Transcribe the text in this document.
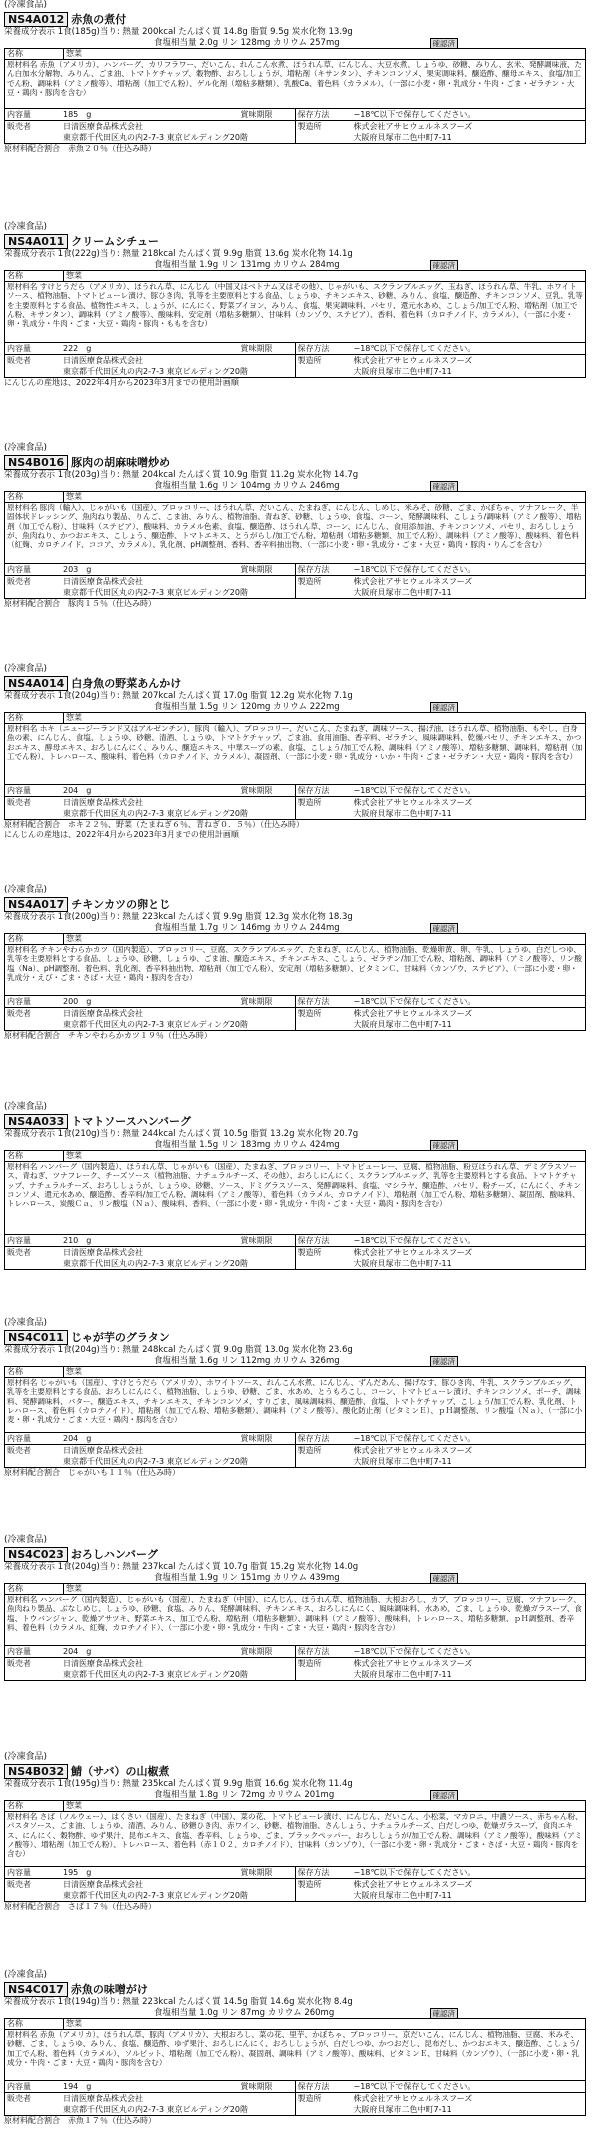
(冷凍食品)
NS4A012 赤魚の煮付
栄養成分表示 1食(185g)当り: 熱量 200kcal たんぱく質 14.8g 脂質 9.5g 炭水化物 13.9g
食塩相当量 2.0g リン 128mg カリウム 257mg	確認済
名称	惣菜
原材料名 赤魚（アメリカ）、ハンバーグ、カリフラワー、だいこん、れんこん水煮、ほうれん草、にんじん、大豆水煮、しょうゆ、砂糖、みりん、玄米、発酵調味液、たん白加水分解物、みりん、ごま油、トマトケチャップ、穀物酢、おろししょうが、増粘剤（キサンタン）、チキンコンソメ、果実调味料、醸造酢、醸母エキス、食塩/加工でん粉、調味料（アミノ酸等）、増粘剤（加工でん粉）、ゲル化剤（増粘多糖類）、乳酸Ca、着色料（カラメル）、（一部に小麦・卵・乳成分・牛肉・ごま・ゼラチン・大豆・鶏肉・豚肉を含む）
内容量	185　g	賞味期限	保存方法	−18℃以下で保存してください。
販売者	日清医療食品株式会社
東京都千代田区丸の内2-7-3 東京ビルディング20階
製造所	株式会社アサヒウェルネスフーズ
大阪府貝塚市二色中町7-11
原材料配合割合　赤魚２０％（仕込み時）
(冷凍食品)
NS4A011 クリームシチュー
栄養成分表示 1食(222g)当り: 熱量 218kcal たんぱく質 9.9g 脂質 13.6g 炭水化物 14.1g
食塩相当量 1.9g リン 131mg カリウム 284mg	確認済
名称	惣菜
原材料名 すけとうだら（アメリカ）、ほうれん草、にんじん（中国又はベトナム又はその他）、じゃがいも、スクランブルエッグ、玉ねぎ、ほうれん草、牛乳、ホワイトソース、植物油脂、トマトピューレ漬け、豚ひき肉、乳等を主要原料とする食品、しょうゆ、チキンエキス、砂糖、みりん、食塩、醸造酢、チキンコンソメ、豆乳、乳等を主要原料とする食品、植物性エキス、しょうが、にんにく、野菜ブイヨン、みりん、食塩、果実調味料、パセリ、還元水あめ、こしょう/加工でん粉、増粘剤（加工でん粉、キサンタン）、調味料（アミノ酸等）、酸味料、安定剤（増粘多糖類）、甘味料（カンゾウ、ステビア）、香料、着色料（カロチノイド、カラメル）、（一部に小麦・卵・乳成分・牛肉・ごま・大豆・鶏肉・豚肉・ももを含む）
内容量	222　g	賞味期限	保存方法	−18℃以下で保存してください。
販売者	日清医療食品株式会社
東京都千代田区丸の内2-7-3 東京ビルディング20階
製造所	株式会社アサヒウェルネスフーズ
大阪府貝塚市二色中町7-11
にんじんの産地は、2022年4月から2023年3月までの使用計画順
(冷凍食品)
NS4B016 豚肉の胡麻味噌炒め
栄養成分表示 1食(203g)当り: 熱量 204kcal たんぱく質 10.9g 脂質 11.2g 炭水化物 14.7g
食塩相当量 1.6g リン 104mg カリウム 246mg	確認済
名称	惣菜
原材料名 豚肉（輸入）、じゃがいも（国産）、ブロッコリー、ほうれん草、だいこん、たまねぎ、にんじん、しめじ、米みそ、砂糖、ごま、かぼちゃ、ツナフレーク、半固体状ドレッシング、魚肉ねり製品、りんご、こま油、みりん、植物油脂、青ねぎ、砂糖、しょうゆ、食塩、コーン、発酵調味料、こしょう/調味料（アミノ酸等）、増粘剤（加工でん粉）、甘味料（ステビア）、酸味料、カラメル色素、食塩、醸造酢、ほうれん草、コーン、にんじん、食用添加油、チキンコンソメ、パセリ、おろししょうが、魚肉ねり、かつおエキス、こしょう、醸造酢、トマトエキス、とうがらし/加工でん粉、増粘剤（増粘多糖類、加工でん粉）、調味料（アミノ酸等）、酸味料、着色料（紅麹、カロチノイド、ココア、カラメル）、乳化剤、pH調整剤、香料、香辛料抽出物、（一部に小麦・卵・乳成分・ごま・大豆・鶏肉・豚肉・りんごを含む）
内容量	203　g	賞味期限	保存方法	−18℃以下で保存してください。
販売者	日清医療食品株式会社
東京都千代田区丸の内2-7-3 東京ビルディング20階
製造所	株式会社アサヒウェルネスフーズ
大阪府貝塚市二色中町7-11
原材料配合割合　豚肉１５％（仕込み時）
(冷凍食品)
NS4A014 白身魚の野菜あんかけ
栄養成分表示 1食(204g)当り: 熱量 207kcal たんぱく質 17.0g 脂質 12.2g 炭水化物 7.1g
食塩相当量 1.5g リン 120mg カリウム 222mg	確認済
名称	惣菜
原材料名 ホキ（ニュージーランド又はアルゼンチン）、豚肉（輸入）、ブロッコリー、だいこん、たまねぎ、調味ソース、揚げ油、ほうれん草、植物油脂、もやし、白身魚の素、にんじん、食塩、しょうゆ、砂糖、清酒、しょうゆ、トマトケチャップ、ごま油、食用油脂、香辛料、ゼラチン、風味調味料、乾燥パセリ、チキンエキス、かつおエキス、酵母エキス、おろしにんにく、みりん、醸造エキス、中華スープの素、食塩、こしょう/加工でん粉、調味料（アミノ酸等）、増粘多糖類、調味料、増粘剤（加工でん粉）、トレハロース、酸味料、着色料（カロチノイド、カラメル）、凝固剤、（一部に小麦・卵・乳成分・いか・牛肉・ごま・ゼラチン・大豆・鶏肉・豚肉を含む）
内容量	204　g	賞味期限	保存方法	−18℃以下で保存してください。
販売者	日清医療食品株式会社
東京都千代田区丸の内2-7-3 東京ビルディング20階
製造所	株式会社アサヒウェルネスフーズ
大阪府貝塚市二色中町7-11
原材料配合割合　ホキ２２％、野菜（たまねぎ６％、青ねぎ０．５％）（仕込み時）
にんじんの産地は、2022年4月から2023年3月までの使用計画順
(冷凍食品)
NS4A017 チキンカツの卵とじ
栄養成分表示 1食(200g)当り: 熱量 223kcal たんぱく質 9.9g 脂質 12.3g 炭水化物 18.3g
食塩相当量 1.7g リン 146mg カリウム 244mg	確認済
名称	惣菜
原材料名 チキンやわらかカツ（国内製造）、ブロッコリー、豆腐、スクランブルエッグ、たまねぎ、にんじん、植物油脂、乾燥卵黄、卵、牛乳、しょうゆ、白だしつゆ、乳等を主要原料とする食品、しょうゆ、砂糖、しょうゆ、ごま油、醸造エキス、チキンエキス、こしょう、ゼラチン/加工でん粉、増粘剤、調味料（アミノ酸等）、リン酸塩（Na）、pH調整剤、着色料、乳化剤、香辛料抽出物、増粘剤（加工でん粉）、安定剤（増粘多糖類）、ビタミンＣ、甘味料（カンゾウ、ステビア）、（一部に小麦・卵・乳成分・えび・ごま・さば・大豆・鶏肉・豚肉を含む）
内容量	200　g	賞味期限	保存方法	−18℃以下で保存してください。
販売者	日清医療食品株式会社
東京都千代田区丸の内2-7-3 東京ビルディング20階
製造所	株式会社アサヒウェルネスフーズ
大阪府貝塚市二色中町7-11
原材料配合割合　チキンやわらかカツ１９％（仕込み時）
(冷凍食品)
NS4A033 トマトソースハンバーグ
栄養成分表示 1食(210g)当り: 熱量 244kcal たんぱく質 10.5g 脂質 13.2g 炭水化物 20.7g
食塩相当量 1.5g リン 183mg カリウム 424mg	確認済
名称	惣菜
原材料名 ハンバーグ（国内製造）、ほうれん草、じゃがいも（国産）、たまねぎ、ブロッコリー、トマトピューレー、豆腐、植物油脂、粉豆ほうれん草、デミグラスソース、青ねぎ、ツナフレーク、チーズソース（植物油脂、ナチュラルチーズ、その他）、おろしにんにく、スクランブルエッグ、乳等を主要原料とする食品、トマトケチャップ、ナチュラルチーズ、おろししょうが、しょうゆ、砂糖、ソース、ドミグラスソース、発酵調味料、食塩、マシラヤ、醸造酢、パセリ、粉チーズ、にんにく、チキンコンソメ、還元水あめ、醸造酢、香辛料/加工でん粉、調味料（アミノ酸等）、着色料（カラメル、カロテノイド）、増粘剤（加工でん粉、増粘多糖類）、凝固剤、酸味料、トレハロース、炭酸Ｃａ、リン酸塩（Ｎａ）、酸味料、香料、（一部に小麦・卵・乳成分・牛肉・ごま・大豆・鶏肉・豚肉を含む）
内容量	210　g	賞味期限	保存方法	−18℃以下で保存してください。
販売者	日清医療食品株式会社
東京都千代田区丸の内2-7-3 東京ビルディング20階
製造所	株式会社アサヒウェルネスフーズ
大阪府貝塚市二色中町7-11
(冷凍食品)
NS4C011 じゃが芋のグラタン
栄養成分表示 1食(204g)当り: 熱量 248kcal たんぱく質 9.0g 脂質 13.0g 炭水化物 23.6g
食塩相当量 1.6g リン 112mg カリウム 326mg	確認済
名称	惣菜
原材料名 じゃがいも（国産）、すけとうだら（アメリカ）、ホワイトソース、れんこん水煮、にんじん、ずんだあん、揚げなす、豚ひき肉、牛乳、スクランブルエッグ、乳等を主要原料とする食品、おろしにんにく、植物油脂、しょうゆ、砂糖、ごま、水あめ、とうもろこし、コーン、トマトピューレ漬け、チキンコンソメ、ポーチ、調味料、発酵調味料、バター、醸造エキス、チキンエキス、チキンコンソメ、すりごま、風味調味料、醸造酢、食塩、トマトケチャップ、こしょう/加工でん粉、乳化剤、トレハロース、着色料（カロテノイド）、増粘剤（加工でん粉、増粘多糖類）、調味料（アミノ酸等）、酸化防止剤（ビタミンＥ）、ｐＨ調整剤、リン酸塩（Ｎａ）、（一部に小麦・卵・乳成分・ごま・大豆・鶏肉・豚肉を含む）
内容量	204　g	賞味期限	保存方法	−18℃以下で保存してください。
販売者	日清医療食品株式会社
東京都千代田区丸の内2-7-3 東京ビルディング20階
製造所	株式会社アサヒウェルネスフーズ
大阪府貝塚市二色中町7-11
原材料配合割合　じゃがいも１１％（仕込み時）
(冷凍食品)
NS4C023 おろしハンバーグ
栄養成分表示 1食(204g)当り: 熱量 237kcal たんぱく質 10.7g 脂質 15.2g 炭水化物 14.0g
食塩相当量 1.9g リン 151mg カリウム 439mg	確認済
名称	惣菜
原材料名 ハンバーグ（国内製造）、じゃがいも（国産）、たまねぎ（中国）、にんじん、ほうれん草、植物油脂、大根おろし、カブ、ブロッコリー、豆腐、ツナフレーク、魚肉ねり製品、ぶなしめじ、しょうゆ、砂糖、食塩、みりん、発酵調味料、チキンエキス、おろしにんにく、風味調味料、水あめ、ごま、しょうゆ、乾燥ガラスープ、食塩、トウバンジャン、乾燥アサツキ、野菜エキス、加工でん粉、増粘剤（増粘多糖類）、調味料（アミノ酸等）、酸味料、トレハロース、増粘多糖類、ｐＨ調整剤、香辛料、着色料（カラメル、紅麹、カロチノイド）、（一部に小麦・卵・乳成分・牛肉・ごま・大豆・鶏肉・豚肉を含む）
内容量	204　g	賞味期限	保存方法	−18℃以下で保存してください。
販売者	日清医療食品株式会社
東京都千代田区丸の内2-7-3 東京ビルディング20階
製造所	株式会社アサヒウェルネスフーズ
大阪府貝塚市二色中町7-11
(冷凍食品)
NS4B032 鯖（サバ）の山椒煮
栄養成分表示 1食(195g)当り: 熱量 235kcal たんぱく質 9.9g 脂質 16.6g 炭水化物 11.4g
食塩相当量 1.8g リン 72mg カリウム 201mg	確認済
名称	惣菜
原材料名 さば（ノルウェー）、はくさい（国産）、たまねぎ（中国）、菜の花、トマトピューレ漬け、にんじん、だいこん、小松菜、マカロニ、中濃ソース、赤ちゃん粉、パスタソース、ごま油、しょうゆ、清酒、みりん、砂糖ひき肉、赤ワイン、砂糖、植物油脂、さんしょう、ナチュラルチーズ、白だしつゆ、乾燥ガラスープ、食肉エキス、にんにく、穀物酢、ゆず果汁、昆布エキス、食塩、香辛料、しょうゆ、ごま、ブラックペッパー、おろししょうが/加工でん粉、調味料（アミノ酸等）、酸味料（アミノ酸等）、増粘剤（加工でん粉）、トレハロース、着色料（赤１０２、カロチノイド）、甘味料（カンゾウ）、（一部に小麦・卵・乳成分・ごま・さば・大豆・鶏肉・豚肉を含む）
内容量	195　g	賞味期限	保存方法	−18℃以下で保存してください。
販売者	日清医療食品株式会社
東京都千代田区丸の内2-7-3 東京ビルディング20階
製造所	株式会社アサヒウェルネスフーズ
大阪府貝塚市二色中町7-11
原材料配合割合　さば１７％（仕込み時）
(冷凍食品)
NS4C017 赤魚の味噌がけ
栄養成分表示 1食(194g)当り: 熱量 223kcal たんぱく質 14.5g 脂質 14.6g 炭水化物 8.4g
食塩相当量 1.0g リン 87mg カリウム 260mg	確認済
名称	惣菜
原材料名 赤魚（アメリカ）、ほうれん草、豚肉（アメリカ）、大根おろし、菜の花、里芋、かぼちゃ、ブロッコリー、京だいこん、にんじん、植物油脂、豆腐、米みそ、砂糖、ごま、しょうゆ、みりん、食塩、醸造酢、ゆず果汁、おろしにんにく、おろししょうが、白だしつゆ、かつおだし、昆布だし、かつおエキス、醸造酢、こしょう/加工でん粉、着色料（カラメル）、ソルビット、増粘剤（加工でん粉）、凝固剤、調味料（アミノ酸等）、酸味料、ビタミンＥ、甘味料（カンゾウ）、（一部に小麦・卵・乳成分・牛肉・ごま・大豆・鶏肉・豚肉を含む）
内容量	194　g	賞味期限	保存方法	−18℃以下で保存してください。
販売者	日清医療食品株式会社
東京都千代田区丸の内2-7-3 東京ビルディング20階
製造所	株式会社アサヒウェルネスフーズ
大阪府貝塚市二色中町7-11
原材料配合割合　赤魚１７％（仕込み時）
